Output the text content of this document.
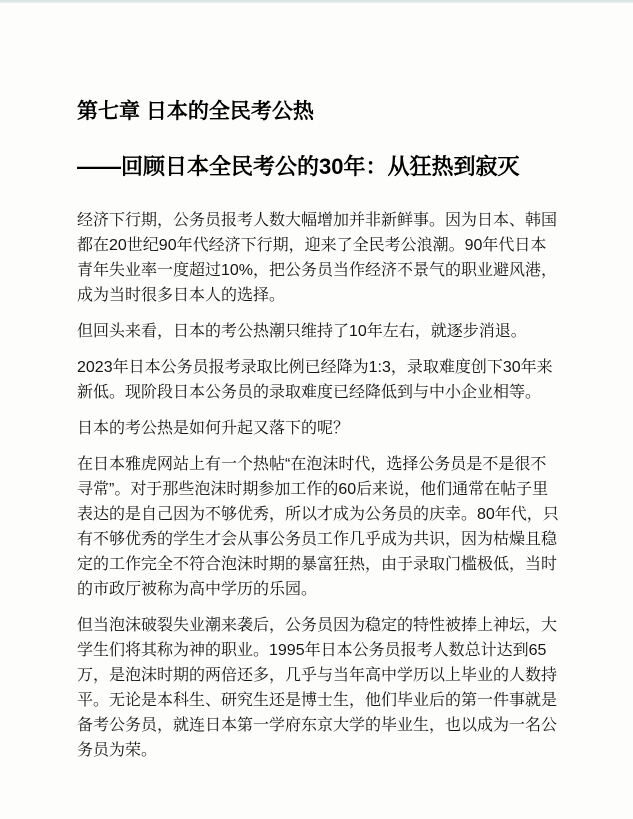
第七章 日本的全民考公热
——回顾日本全民考公的30年：从狂热到寂灭

经济下行期，公务员报考人数大幅增加并非新鲜事。因为日本、韩国都在20世纪90年代经济下行期，迎来了全民考公浪潮。90年代日本青年失业率一度超过10%，把公务员当作经济不景气的职业避风港，成为当时很多日本人的选择。

但回头来看，日本的考公热潮只维持了10年左右，就逐步消退。

2023年日本公务员报考录取比例已经降为1:3，录取难度创下30年来新低。现阶段日本公务员的录取难度已经降低到与中小企业相等。

日本的考公热是如何升起又落下的呢？

在日本雅虎网站上有一个热帖“在泡沫时代，选择公务员是不是很不寻常”。对于那些泡沫时期参加工作的60后来说，他们通常在帖子里表达的是自己因为不够优秀，所以才成为公务员的庆幸。80年代，只有不够优秀的学生才会从事公务员工作几乎成为共识，因为枯燥且稳定的工作完全不符合泡沫时期的暴富狂热，由于录取门槛极低，当时的市政厅被称为高中学历的乐园。

但当泡沫破裂失业潮来袭后，公务员因为稳定的特性被捧上神坛，大学生们将其称为神的职业。1995年日本公务员报考人数总计达到65万，是泡沫时期的两倍还多，几乎与当年高中学历以上毕业的人数持平。无论是本科生、研究生还是博士生，他们毕业后的第一件事就是备考公务员，就连日本第一学府东京大学的毕业生，也以成为一名公务员为荣。
